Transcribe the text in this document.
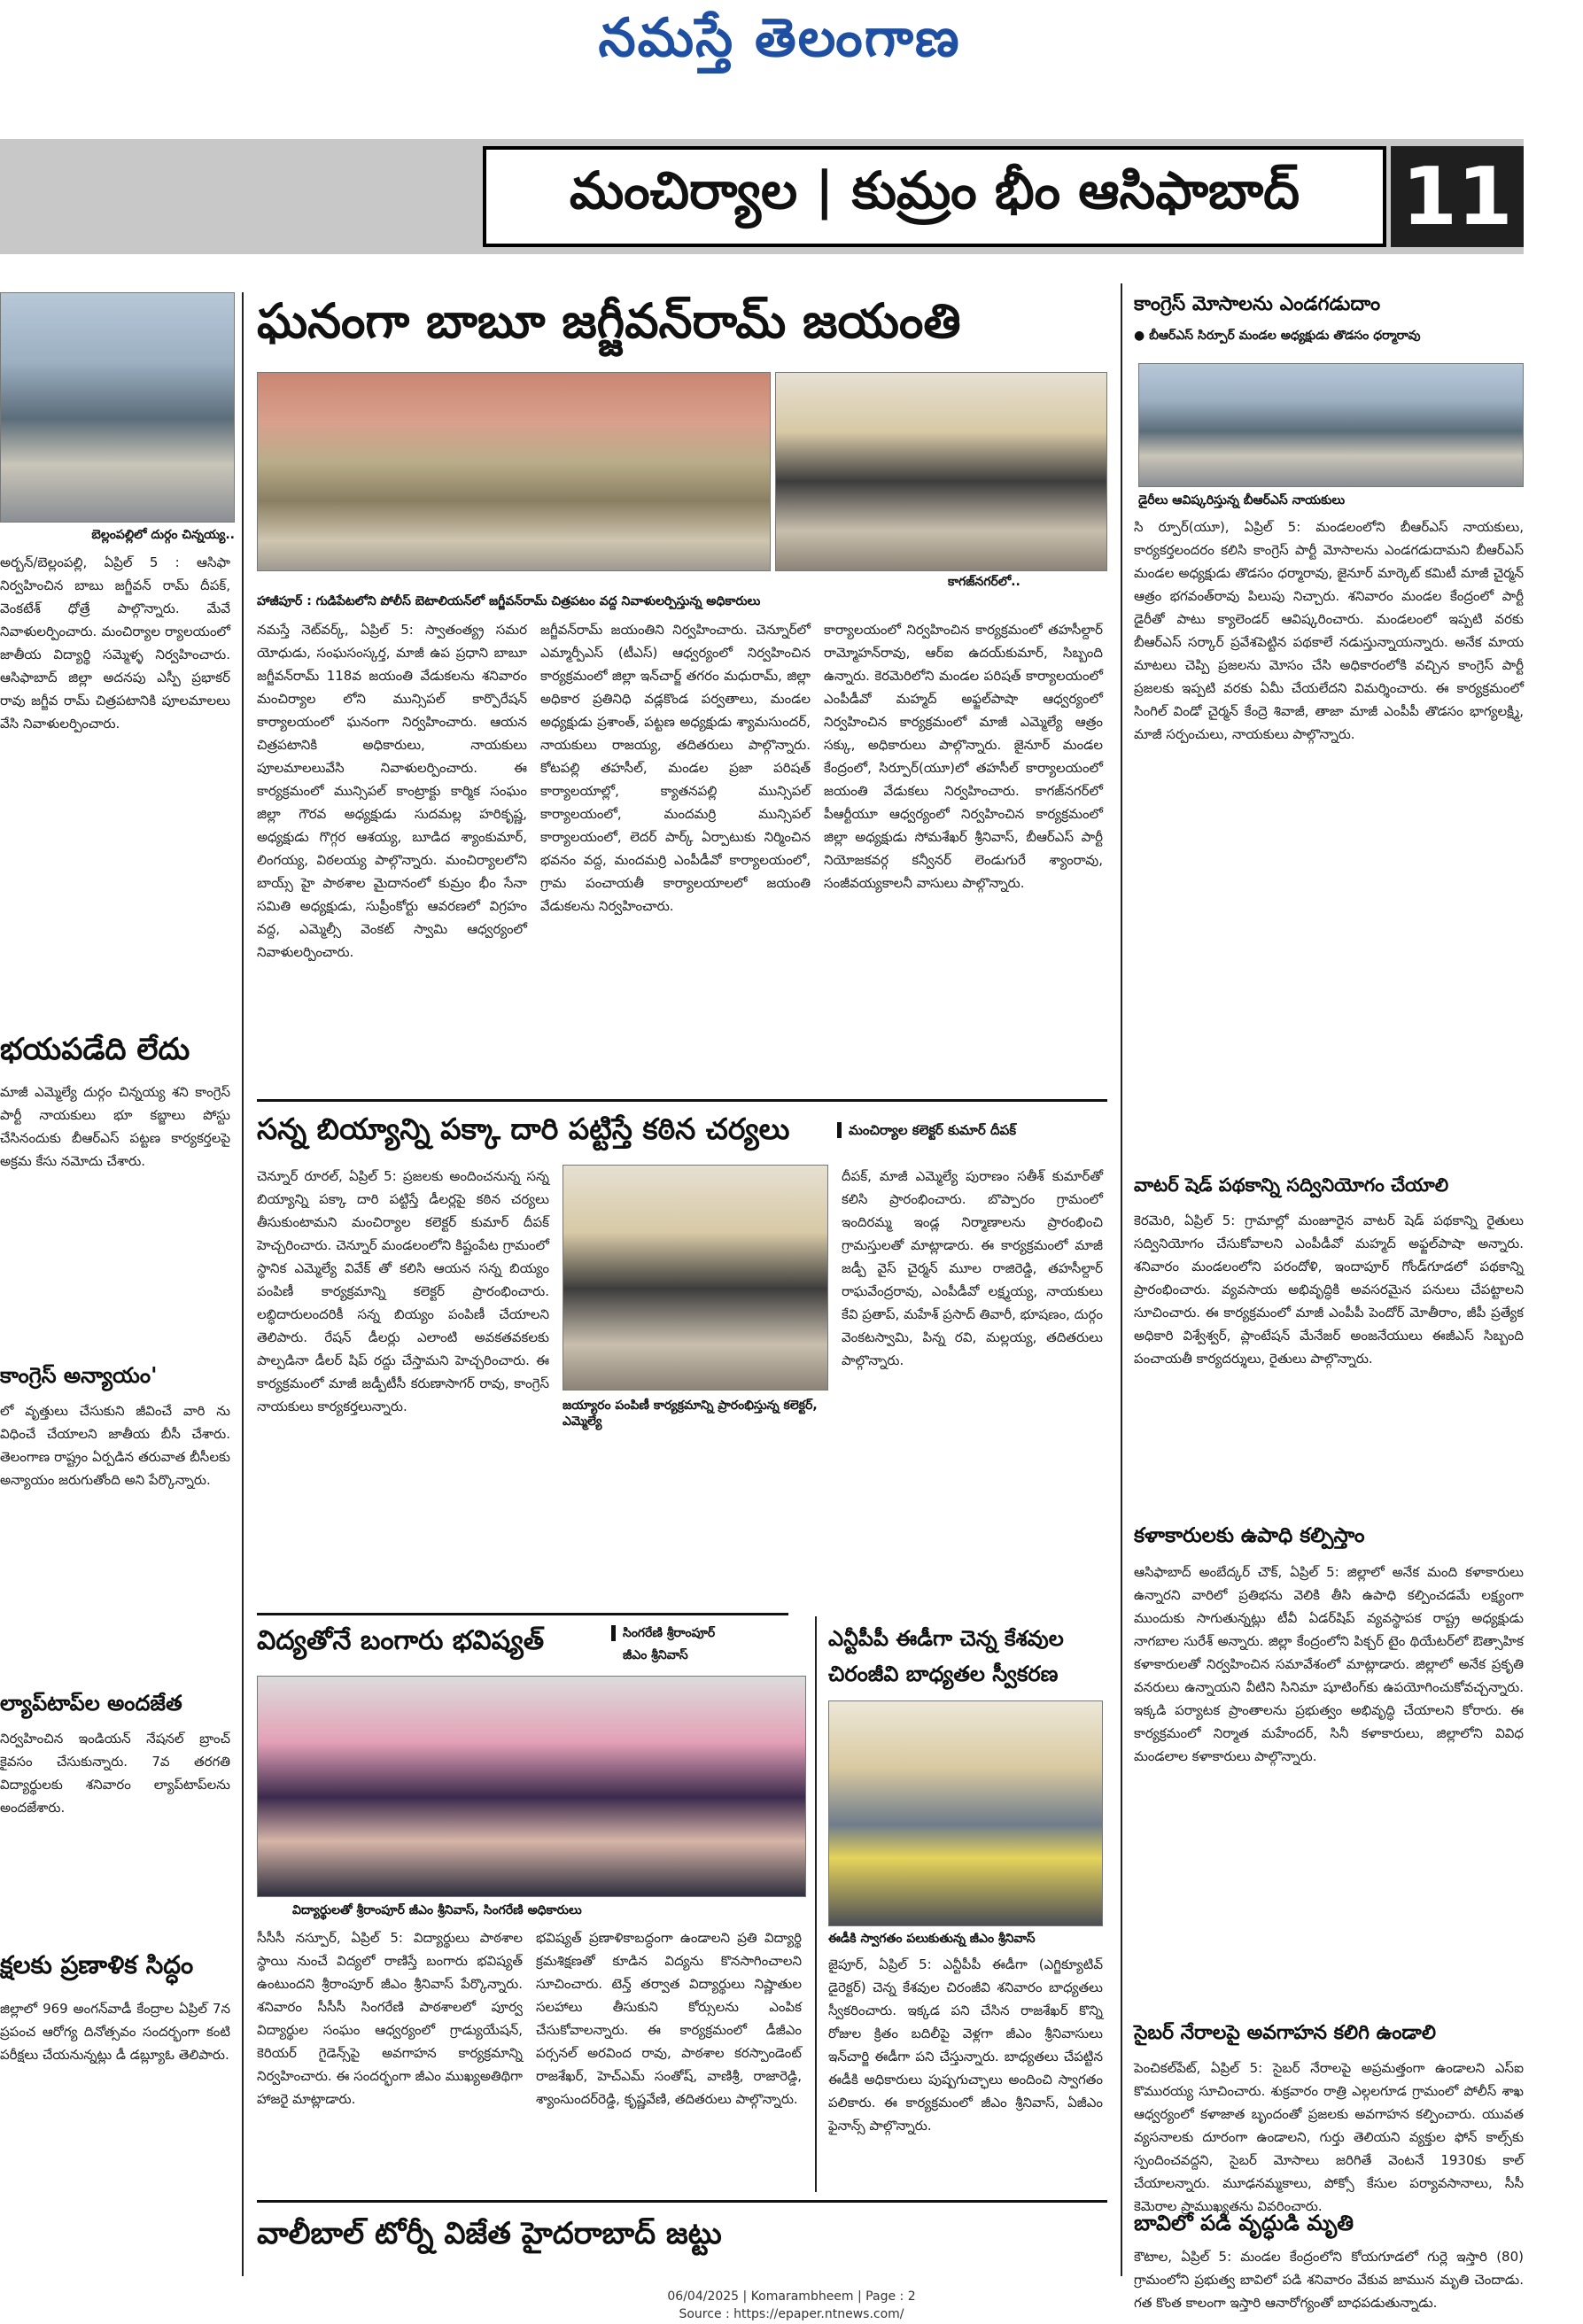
నమస్తే తెలంగాణ
మంచిర్యాల | కుమ్రం భీం ఆసిఫాబాద్ 11
బెల్లంపల్లిలో దుర్గం చిన్నయ్య..
అర్బన్/బెల్లంపల్లి, ఏప్రిల్ 5 : ఆసిఫా నిర్వహించిన బాబు జగ్జీవన్ రామ్ దీపక్, వెంకటేశ్ ధోత్రే పాల్గొన్నారు. మేవే నివాళులర్పించారు. మంచిర్యాల ర్యాలయంలో జాతీయ విద్యార్థి సమ్మెళ్ళ నిర్వహించారు. ఆసిఫాబాద్ జిల్లా అదనపు ఎస్పీ ప్రభాకర్ రావు జగ్జీవ రామ్ చిత్రపటానికి పూలమాలలు వేసి నివాళులర్పించారు.
భయపడేది లేదు
మాజీ ఎమ్మెల్యే దుర్గం చిన్నయ్య శని కాంగ్రెస్ పార్టీ నాయకులు భూ కబ్జాలు పోస్టు చేసినందుకు బీఆర్ఎస్ పట్టణ కార్యకర్తలపై అక్రమ కేసు నమోదు చేశారు.
కాంగ్రెస్ అన్యాయం'
లో వృత్తులు చేసుకుని జీవించే వారి ను విధించే చేయాలని జాతీయ బీసీ చేశారు. తెలంగాణ రాష్ట్రం ఏర్పడిన తరువాత బీసీలకు అన్యాయం జరుగుతోంది అని పేర్కొన్నారు.
ల్యాప్‌టాప్‌ల అందజేత
నిర్వహించిన ఇండియన్ నేషనల్ బ్రాంచ్ కైవసం చేసుకున్నారు. 7వ తరగతి విద్యార్థులకు శనివారం ల్యాప్‌టాప్‌లను అందజేశారు.
క్షలకు ప్రణాళిక సిద్ధం
జిల్లాలో 969 అంగన్‌వాడీ కేంద్రాల ఏప్రిల్ 7న ప్రపంచ ఆరోగ్య దినోత్సవం సందర్భంగా కంటి పరీక్షలు చేయనున్నట్లు డీ డబ్ల్యూఓ తెలిపారు.
ఘనంగా బాబూ జగ్జీవన్‌రామ్ జయంతి
కాగజ్‌నగర్‌లో..
హాజీపూర్ : గుడిపేటలోని పోలీస్ బెటాలియన్‌లో జగ్జీవన్‌రామ్ చిత్రపటం వద్ద నివాళులర్పిస్తున్న అధికారులు
నమస్తే నెట్‌వర్క్, ఏప్రిల్ 5: స్వాతంత్య్ర సమర యోధుడు, సంఘసంస్కర్త, మాజీ ఉప ప్రధాని బాబూ జగ్జీవన్‌రామ్ 118వ జయంతి వేడుకలను శనివారం మంచిర్యాల లోని మున్సిపల్ కార్పొరేషన్ కార్యాలయంలో ఘనంగా నిర్వహించారు. ఆయన చిత్రపటానికి అధికారులు, నాయకులు పూలమాలలువేసి నివాళులర్పించారు. ఈ కార్యక్రమంలో మున్సిపల్ కాంట్రాక్టు కార్మిక సంఘం జిల్లా గౌరవ అధ్యక్షుడు సుదమల్ల హరికృష్ణ, అధ్యక్షుడు గొగ్గర ఆశయ్య, బూడిద శ్యాంకుమార్, లింగయ్య, విఠలయ్య పాల్గొన్నారు. మంచిర్యాలలోని బాయ్స్ హై పాఠశాల మైదానంలో కుమ్రం భీం సేనా సమితి అధ్యక్షుడు, సుప్రీంకోర్టు ఆవరణలో విగ్రహం వద్ద, ఎమ్మెల్సీ వెంకట్ స్వామి ఆధ్వర్యంలో నివాళులర్పించారు.
జగ్జీవన్‌రామ్ జయంతిని నిర్వహించారు. చెన్నూర్‌లో ఎమ్మార్పీఎస్ (టీఎస్) ఆధ్వర్యంలో నిర్వహించిన కార్యక్రమంలో జిల్లా ఇన్‌చార్జ్ తగరం మధురామ్, జిల్లా అధికార ప్రతినిధి వడ్లకొండ పర్వతాలు, మండల అధ్యక్షుడు ప్రశాంత్, పట్టణ అధ్యక్షుడు శ్యామసుందర్, నాయకులు రాజయ్య, తదితరులు పాల్గొన్నారు. కోటపల్లి తహసీల్, మండల ప్రజా పరిషత్ కార్యాలయాల్లో, క్యాతనపల్లి మున్సిపల్ కార్యాలయంలో, మందమర్రి మున్సిపల్ కార్యాలయంలో, లెదర్ పార్క్ ఏర్పాటుకు నిర్మించిన భవనం వద్ద, మందమర్రి ఎంపీడీవో కార్యాలయంలో, గ్రామ పంచాయతీ కార్యాలయాలలో జయంతి వేడుకలను నిర్వహించారు.
కార్యాలయంలో నిర్వహించిన కార్యక్రమంలో తహసీల్దార్ రామ్మోహన్‌రావు, ఆర్ఐ ఉదయ్‌కుమార్, సిబ్బంది ఉన్నారు. కెరమెరిలోని మండల పరిషత్ కార్యాలయంలో ఎంపీడీవో మహ్మద్ అఫ్జల్‌పాషా ఆధ్వర్యంలో నిర్వహించిన కార్యక్రమంలో మాజీ ఎమ్మెల్యే ఆత్రం సక్కు, అధికారులు పాల్గొన్నారు. జైనూర్ మండల కేంద్రంలో, సిర్పూర్(యూ)లో తహసీల్ కార్యాలయంలో జయంతి వేడుకలు నిర్వహించారు. కాగజ్‌నగర్‌లో పీఆర్టీయూ ఆధ్వర్యంలో నిర్వహించిన కార్యక్రమంలో జిల్లా అధ్యక్షుడు సోమశేఖర్ శ్రీనివాస్, బీఆర్ఎస్ పార్టీ నియోజకవర్గ కన్వీనర్ లెండుగురే శ్యాంరావు, సంజీవయ్యకాలనీ వాసులు పాల్గొన్నారు.
సన్న బియ్యాన్ని పక్కా దారి పట్టిస్తే కఠిన చర్యలు	మంచిర్యాల కలెక్టర్ కుమార్ దీపక్
చెన్నూర్ రూరల్, ఏప్రిల్ 5: ప్రజలకు అందించనున్న సన్న బియ్యాన్ని పక్కా దారి పట్టిస్తే డీలర్లపై కఠిన చర్యలు తీసుకుంటామని మంచిర్యాల కలెక్టర్ కుమార్ దీపక్ హెచ్చరించారు. చెన్నూర్ మండలంలోని కిష్టంపేట గ్రామంలో స్థానిక ఎమ్మెల్యే వివేక్ తో కలిసి ఆయన సన్న బియ్యం పంపిణీ కార్యక్రమాన్ని కలెక్టర్ ప్రారంభించారు. లబ్ధిదారులందరికీ సన్న బియ్యం పంపిణీ చేయాలని తెలిపారు. రేషన్ డీలర్లు ఎలాంటి అవకతవకలకు పాల్పడినా డీలర్ షిప్ రద్దు చేస్తామని హెచ్చరించారు. ఈ కార్యక్రమంలో మాజీ జడ్పీటీసీ కరుణాసాగర్ రావు, కాంగ్రెస్ నాయకులు కార్యకర్తలున్నారు.	జయ్యారం పంపిణీ కార్యక్రమాన్ని ప్రారంభిస్తున్న కలెక్టర్, ఎమ్మెల్యే
దీపక్, మాజీ ఎమ్మెల్యే పురాణం సతీశ్ కుమార్‌తో కలిసి ప్రారంభించారు. బొప్పారం గ్రామంలో ఇందిరమ్మ ఇండ్ల నిర్మాణాలను ప్రారంభించి గ్రామస్తులతో మాట్లాడారు. ఈ కార్యక్రమంలో మాజీ జడ్పీ వైస్ చైర్మన్ మూల రాజిరెడ్డి, తహసీల్దార్ రాఘవేంద్రరావు, ఎంపీడీవో లక్ష్మయ్య, నాయకులు కేవి ప్రతాప్, మహేశ్ ప్రసాద్ తివారీ, భూషణం, దుర్గం వెంకటస్వామి, పిన్న రవి, మల్లయ్య, తదితరులు పాల్గొన్నారు.
విద్యతోనే బంగారు భవిష్యత్	సింగరేణి శ్రీరాంపూర్
జీఎం శ్రీనివాస్
విద్యార్థులతో శ్రీరాంపూర్ జీఎం శ్రీనివాస్, సింగరేణి అధికారులు
సీసీసీ నస్పూర్, ఏప్రిల్ 5: విద్యార్థులు పాఠశాల స్థాయి నుంచే విద్యలో రాణిస్తే బంగారు భవిష్యత్ ఉంటుందని శ్రీరాంపూర్ జీఎం శ్రీనివాస్ పేర్కొన్నారు. శనివారం సీసీసీ సింగరేణి పాఠశాలలో పూర్వ విద్యార్థుల సంఘం ఆధ్వర్యంలో గ్రాడ్యుయేషన్, కెరియర్ గైడెన్స్‌పై అవగాహన కార్యక్రమాన్ని నిర్వహించారు. ఈ సందర్భంగా జీఎం ముఖ్యఅతిథిగా హాజరై మాట్లాడారు.
భవిష్యత్ ప్రణాళికాబద్ధంగా ఉండాలని ప్రతి విద్యార్థి క్రమశిక్షణతో కూడిన విద్యను కొనసాగించాలని సూచించారు. టెన్త్ తర్వాత విద్యార్థులు నిష్ణాతుల సలహాలు తీసుకుని కోర్సులను ఎంపిక చేసుకోవాలన్నారు. ఈ కార్యక్రమంలో డీజీఎం పర్సనల్ అరవింద రావు, పాఠశాల కరస్పాండెంట్ రాజశేఖర్, హెచ్ఎమ్ సంతోష్, వాణిశ్రీ, రాజారెడ్డి, శ్యాంసుందర్‌రెడ్డి, కృష్ణవేణి, తదితరులు పాల్గొన్నారు.
ఎన్టీపీపీ ఈడీగా చెన్న కేశవుల
చిరంజీవి బాధ్యతల స్వీకరణ
ఈడీకి స్వాగతం పలుకుతున్న జీఎం శ్రీనివాస్
జైపూర్, ఏప్రిల్ 5: ఎన్టీపీపీ ఈడీగా (ఎగ్జిక్యూటివ్ డైరెక్టర్) చెన్న కేశవుల చిరంజీవి శనివారం బాధ్యతలు స్వీకరించారు. ఇక్కడ పని చేసిన రాజశేఖర్ కొన్ని రోజుల క్రితం బదిలీపై వెళ్లగా జీఎం శ్రీనివాసులు ఇన్‌చార్జి ఈడీగా పని చేస్తున్నారు. బాధ్యతలు చేపట్టిన ఈడీకి అధికారులు పుష్పగుచ్ఛాలు అందించి స్వాగతం పలికారు. ఈ కార్యక్రమంలో జీఎం శ్రీనివాస్, ఏజీఎం ఫైనాన్స్ పాల్గొన్నారు.
వాలీబాల్ టోర్నీ విజేత హైదరాబాద్ జట్టు
కాంగ్రెస్ మోసాలను ఎండగడుదాం
● బీఆర్ఎస్ సిర్పూర్ మండల అధ్యక్షుడు తొడసం ధర్మారావు
డైరీలు ఆవిష్కరిస్తున్న బీఆర్ఎస్ నాయకులు
సి ర్పూర్(యూ), ఏప్రిల్ 5: మండలంలోని బీఆర్ఎస్ నాయకులు, కార్యకర్తలందరం కలిసి కాంగ్రెస్ పార్టీ మోసాలను ఎండగడుదామని బీఆర్ఎస్ మండల అధ్యక్షుడు తొడసం ధర్మారావు, జైనూర్ మార్కెట్ కమిటీ మాజీ చైర్మన్ ఆత్రం భగవంత్‌రావు పిలుపు నిచ్చారు. శనివారం మండల కేంద్రంలో పార్టీ డైరీతో పాటు క్యాలెండర్ ఆవిష్కరించారు. మండలంలో ఇప్పటి వరకు బీఆర్ఎస్ సర్కార్ ప్రవేశపెట్టిన పథకాలే నడుస్తున్నాయన్నారు. అనేక మాయ మాటలు చెప్పి ప్రజలను మోసం చేసి అధికారంలోకి వచ్చిన కాంగ్రెస్ పార్టీ ప్రజలకు ఇప్పటి వరకు ఏమీ చేయలేదని విమర్శించారు. ఈ కార్యక్రమంలో సింగిల్ విండో చైర్మన్ కేంద్రె శివాజీ, తాజా మాజీ ఎంపీపీ తొడసం భాగ్యలక్ష్మి, మాజీ సర్పంచులు, నాయకులు పాల్గొన్నారు.
వాటర్ షెడ్ పథకాన్ని సద్వినియోగం చేయాలి
కెరమెరి, ఏప్రిల్ 5: గ్రామాల్లో మంజూరైన వాటర్ షెడ్ పథకాన్ని రైతులు సద్వినియోగం చేసుకోవాలని ఎంపీడీవో మహ్మద్ అఫ్జల్‌పాషా అన్నారు. శనివారం మండలంలోని పరందోళి, ఇందాపూర్ గోండ్‌గూడలో పథకాన్ని ప్రారంభించారు. వ్యవసాయ అభివృద్ధికి అవసరమైన పనులు చేపట్టాలని సూచించారు. ఈ కార్యక్రమంలో మాజీ ఎంపీపీ పెందోర్ మోతీరాం, జీపీ ప్రత్యేక అధికారి విశ్వేశ్వర్, ప్లాంటేషన్ మేనేజర్ అంజనేయులు ఈజీఎస్ సిబ్బంది పంచాయతీ కార్యదర్శులు, రైతులు పాల్గొన్నారు.
కళాకారులకు ఉపాధి కల్పిస్తాం
ఆసిఫాబాద్ అంబేద్కర్ చౌక్, ఏప్రిల్ 5: జిల్లాలో అనేక మంది కళాకారులు ఉన్నారని వారిలో ప్రతిభను వెలికి తీసి ఉపాధి కల్పించడమే లక్ష్యంగా ముందుకు సాగుతున్నట్లు టీవీ ఏడర్‌షిప్ వ్యవస్థాపక రాష్ట్ర అధ్యక్షుడు నాగబాల సురేశ్ అన్నారు. జిల్లా కేంద్రంలోని పిక్చర్ టైం థియేటర్‌లో ఔత్సాహిక కళాకారులతో నిర్వహించిన సమావేశంలో మాట్లాడారు. జిల్లాలో అనేక ప్రకృతి వనరులు ఉన్నాయని వీటిని సినిమా షూటింగ్‌కు ఉపయోగించుకోవచ్చన్నారు. ఇక్కడి పర్యాటక ప్రాంతాలను ప్రభుత్వం అభివృద్ధి చేయాలని కోరారు. ఈ కార్యక్రమంలో నిర్మాత మహేందర్, సినీ కళాకారులు, జిల్లాలోని వివిధ మండలాల కళాకారులు పాల్గొన్నారు.
సైబర్ నేరాలపై అవగాహన కలిగి ఉండాలి
పెంచికల్‌పేట్, ఏప్రిల్ 5: సైబర్ నేరాలపై అప్రమత్తంగా ఉండాలని ఎస్ఐ కొమురయ్య సూచించారు. శుక్రవారం రాత్రి ఎల్గలగూడ గ్రామంలో పోలీస్ శాఖ ఆధ్వర్యంలో కళాజాత బృందంతో ప్రజలకు అవగాహన కల్పించారు. యువత వ్యసనాలకు దూరంగా ఉండాలని, గుర్తు తెలియని వ్యక్తుల ఫోన్ కాల్స్‌కు స్పందించవద్దని, సైబర్ మోసాలు జరిగితే వెంటనే 1930కు కాల్ చేయాలన్నారు. మూఢనమ్మకాలు, పోక్సో కేసుల పర్యావసానాలు, సీసీ కెమెరాల ప్రాముఖ్యతను వివరించారు.
బావిలో పడి వృద్ధుడి మృతి
కౌటాల, ఏప్రిల్ 5: మండల కేంద్రంలోని కోయగూడలో గుర్లె ఇస్తారి (80) గ్రామంలోని ప్రభుత్వ బావిలో పడి శనివారం వేకువ జామున మృతి చెందాడు. గత కొంత కాలంగా ఇస్తారి ఆనారోగ్యంతో బాధపడుతున్నాడు.
06/04/2025 | Komarambheem | Page : 2
Source : https://epaper.ntnews.com/
